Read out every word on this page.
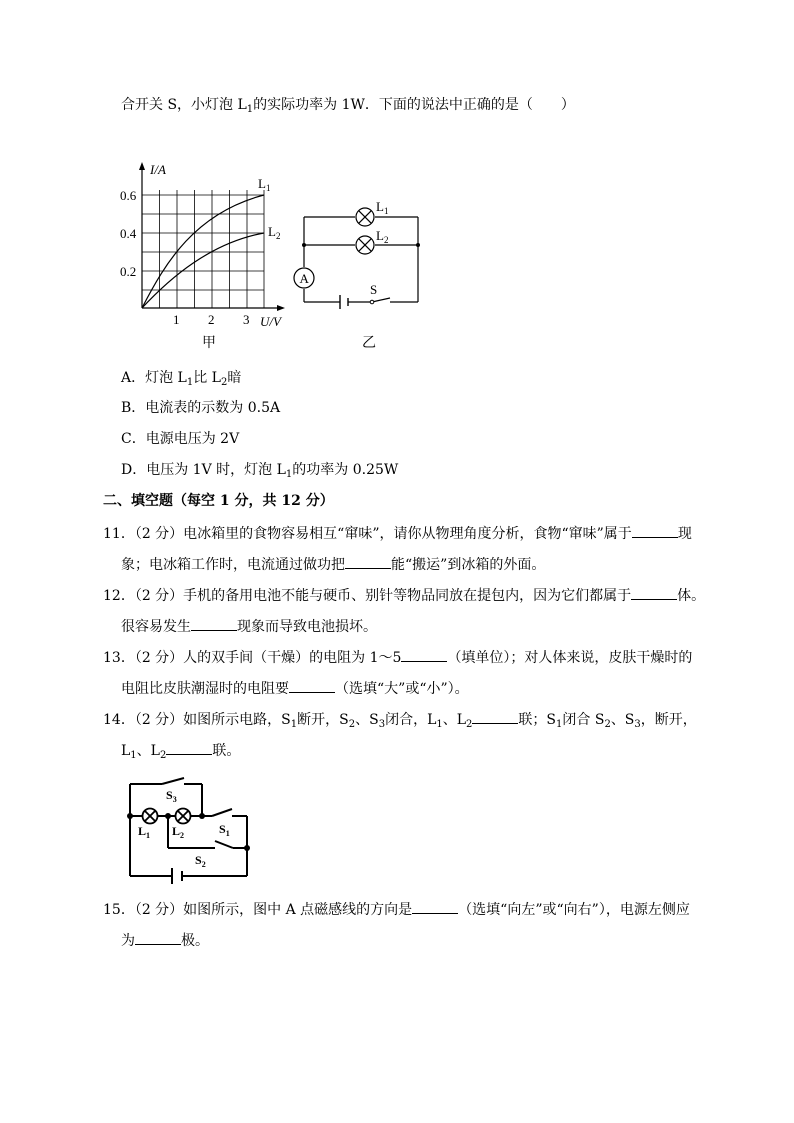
合开关 S，小灯泡 $L_1$的实际功率为 1W．下面的说法中正确的是（　　）
I/A
U/V
0.6
0.4
0.2
1 2 3
$L_1$
$L_2$
甲
A
$L_1$
$L_2$
S
乙
A．灯泡 $L_1$比 $L_2$暗
B．电流表的示数为 0.5A
C．电源电压为 2V
D．电压为 1V 时，灯泡 $L_1$的功率为 0.25W
二、填空题（每空 1 分，共 12 分）
11．（2 分）电冰箱里的食物容易相互“窜味”，请你从物理角度分析，食物“窜味”属于	现
象；电冰箱工作时，电流通过做功把	能“搬运”到冰箱的外面。
12．（2 分）手机的备用电池不能与硬币、别针等物品同放在提包内，因为它们都属于	体。
很容易发生	现象而导致电池损坏。
13．（2 分）人的双手间（干燥）的电阻为 1～5	（填单位）；对人体来说，皮肤干燥时的
电阻比皮肤潮湿时的电阻要	（选填“大”或“小”）。
14．（2 分）如图所示电路，$S_1$断开，$S_2$、$S_3$闭合，$L_1$、$L_2$	联；$S_1$闭合 $S_2$、$S_3$，断开，
$L_1$、$L_2$	联。
$S_3$
$L_1$ $L_2$	$S_1$
$S_2$
15．（2 分）如图所示，图中 A 点磁感线的方向是	（选填“向左”或“向右”），电源左侧应
为	极。
